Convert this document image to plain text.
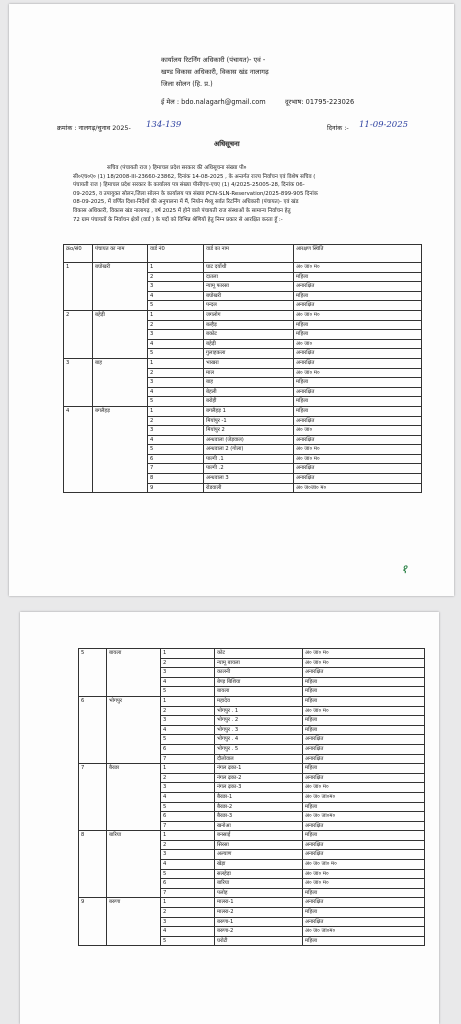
कार्यालय रिटर्निंग अधिकारी (पंचायत)- एवं -
खण्ड विकास अधिकारी, विकास खंड नालागढ़
जिला सोलन (हि. प्र.)
ई मेल : bdo.nalagarh@gmail.com	दूरभाष: 01795-223026
क्रमांक : नालगढ़/चुनाव 2025- 134-139	दिनांक :- 11-09-2025
अधिसूचना

सचिव (पंचायती राज ) हिमाचल प्रदेश सरकार की अधिसूचना संख्या पी०

सी०एच०ए० (1) 18/2008-III-23660-23862, दिनांक 14-08-2025 , के अन्तर्गत राज्य निर्वाचन एवं विशेष सचिव (

पंचायती राज ) हिमाचल प्रदेश सरकार के कार्यालय पत्र संख्या पीसीएच-एचए (1) 4/2025-25005-28, दिनांक 06-

09-2025, व उपायुक्त सोलन,जिला सोलन के कार्यालय पत्र संख्या PCN-SLN-Reservation/2025-899-905 दिनांक

08-09-2025, में वर्णित दिशा-निर्देशों की अनुपालना में मैं, नियोन मैथ्यू सर्वत रिटर्निंग अधिकारी (पंचायत)- एवं खंड

विकास अधिकारी, विकास खंड नालागढ़ , वर्ष 2025 में होने वाले पंचायती राज संस्थाओं के सामान्य निर्वाचन हेतु

72 ग्राम पंचायतों के निर्वाचन क्षेत्रों (वार्ड ) के पदों को विभिन्न श्रेणियों हेतु निम्न प्रकार से आरक्षित करता हूँ :-

क्रo/सं0	पंचायत का नाम	वार्ड नं0	वार्ड का नाम	आरक्षण स्थिति
1	बघोखरी	1	घाट दयोंथी	अ० जा० म०
		2	दातला	महिला
		3	न्यामू फारसा	अनारक्षित
		4	बघोखरी	महिला
		5	पन्दल	अनारक्षित
2	बहेड़ी	1	जगलोग	अ० जा० म०
		2	बल्हैड़	महिला
		3	बकोट	महिला
		4	बहेड़ी	अ० जा०
		5	गुलाहकला	अनारक्षित
3	बाह	1	भाखरा	अनारक्षित
		2	माल	अ० जा० म०
		3	बाह	महिला
		4	बेहली	अनारक्षित
		5	बरोही	महिला
4	बगलैहड़	1	बगलैहड़ 1	महिला
		2	मियांपुर -1	अनारक्षित
		3	मियांपुर 2	अ० जा०
		4	अन्धवाला (जेड़वाल)	अनारक्षित
		5	अन्धवाला 2 (गोला)	अ० जा० म०
		6	पाल्गी .1	अ० जा० म०
		7	पाल्गी .2	अनारक्षित
		8	अन्धवाला 3	अनारक्षित
		9	रोडवाली	अ० ज०जा० म०
१
5	बायला	1	कोट	अ० जा० म०
		2	न्यामू बायला	अ० जा० म०
		3	कालनी	अनारक्षित
		4	बेण्ड़ बिशिया	महिला
		5	बायला	महिला
6	भोगपुर	1	महादेव	महिला
		2	भोगपुर . 1	अ० जा० म०
		3	भोगपुर . 2	महिला
		4	भोगपुर . 3	महिला
		5	भोगपुर . 4	अनारक्षित
		6	भोगपुर . 5	अनारक्षित
		7	दौलोवाल	अनारक्षित
7	बैरछा	1	नंगल ढ़का-1	महिला
		2	नंगल ढ़का-2	अनारक्षित
		3	नंगल ढ़का-3	अ० जा० म०
		4	बैरछा-1	अ० ज० जा०म०
		5	बैरछा-2	महिला
		6	बैरछा-3	अ० ज० जा०म०
		7	खनोआ	अनारक्षित
8	बारिया	1	बनसाई	महिला
		2	सिरसा	अनारक्षित
		3	अल्याण	अनारक्षित
		4	खेड़ा	अ० ज० जा० म०
		5	सलहेड़ा	अ० जा० म०
		6	बारिया	अ० जा० म०
		7	पलोह	महिला
9	बरुणा	1	मालरा-1	अनारक्षित
		2	मालरा-2	महिला
		3	बरुणा-1	अनारक्षित
		4	बरुणा-2	अ० ज० जा०म०
		5	घरोटी	महिला
